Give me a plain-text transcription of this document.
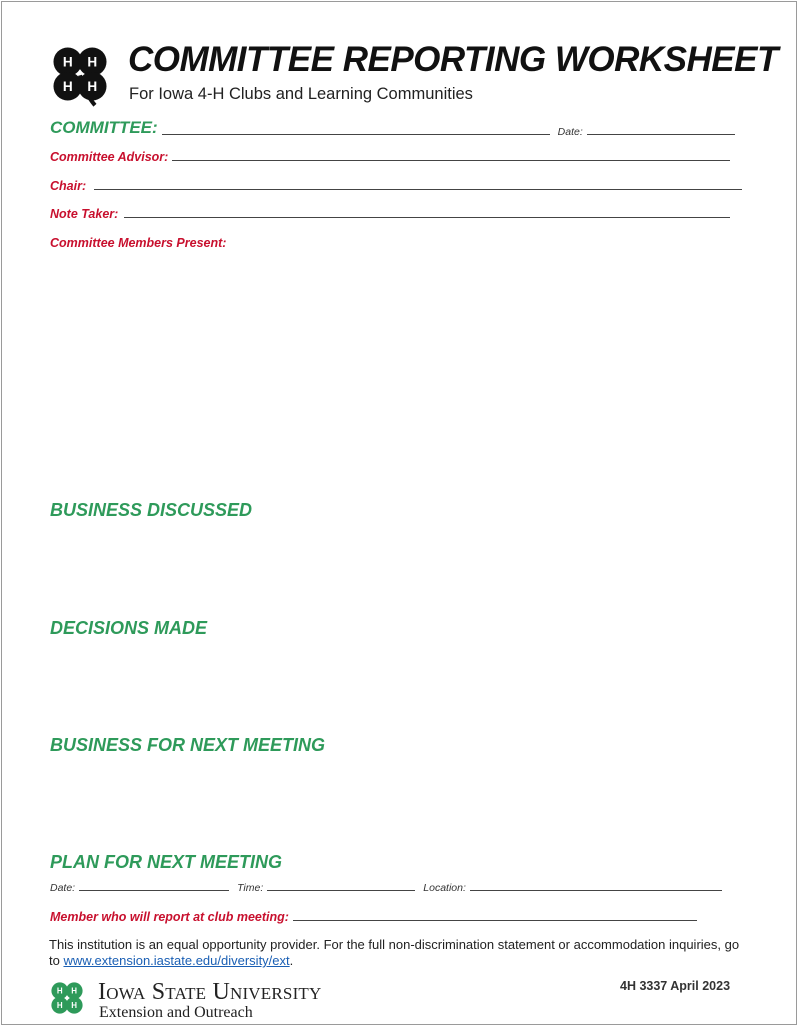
H H
H H
COMMITTEE REPORTING WORKSHEET
For Iowa 4-H Clubs and Learning Communities
COMMITTEE:	Date:
Committee Advisor:
Chair:
Note Taker:
Committee Members Present:
BUSINESS DISCUSSED
DECISIONS MADE
BUSINESS FOR NEXT MEETING
PLAN FOR NEXT MEETING
Date:	Time:	Location:
Member who will report at club meeting:
This institution is an equal opportunity provider. For the full non-discrimination statement or accommodation inquiries, go to www.extension.iastate.edu/diversity/ext.
H H
H H
Iowa State University
Extension and Outreach
4H 3337 April 2023
